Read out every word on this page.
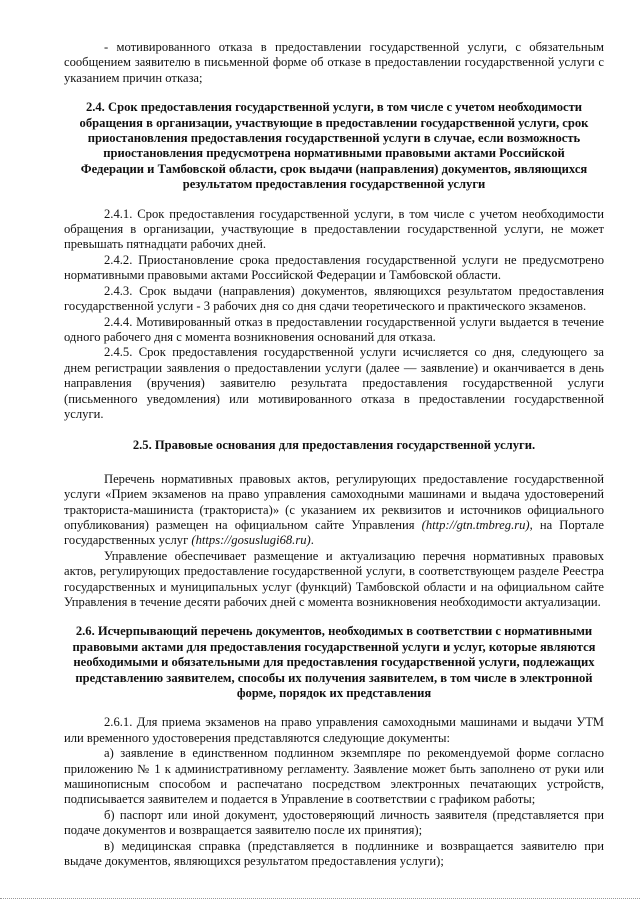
- мотивированного отказа в предоставлении государственной услуги, с обязательным сообщением заявителю в письменной форме об отказе в предоставлении государственной услуги с указанием причин отказа;

2.4. Срок предоставления государственной услуги, в том числе с учетом необходимости обращения в организации, участвующие в предоставлении государственной услуги, срок приостановления предоставления государственной услуги в случае, если возможность приостановления предусмотрена нормативными правовыми актами Российской Федерации и Тамбовской области, срок выдачи (направления) документов, являющихся результатом предоставления государственной услуги

2.4.1. Срок предоставления государственной услуги, в том числе с учетом необходимости обращения в организации, участвующие в предоставлении государственной услуги, не может превышать пятнадцати рабочих дней.

2.4.2. Приостановление срока предоставления государственной услуги не предусмотрено нормативными правовыми актами Российской Федерации и Тамбовской области.

2.4.3. Срок выдачи (направления) документов, являющихся результатом предоставления государственной услуги - 3 рабочих дня со дня сдачи теоретического и практического экзаменов.

2.4.4. Мотивированный отказ в предоставлении государственной услуги выдается в течение одного рабочего дня с момента возникновения оснований для отказа.

2.4.5. Срок предоставления государственной услуги исчисляется со дня, следующего за днем регистрации заявления о предоставлении услуги (далее — заявление) и оканчивается в день направления (вручения) заявителю результата предоставления государственной услуги (письменного уведомления) или мотивированного отказа в предоставлении государственной услуги.

2.5. Правовые основания для предоставления государственной услуги.

Перечень нормативных правовых актов, регулирующих предоставление государственной услуги «Прием экзаменов на право управления самоходными машинами и выдача удостоверений тракториста-машиниста (тракториста)» (с указанием их реквизитов и источников официального опубликования) размещен на официальном сайте Управления (http://gtn.tmbreg.ru), на Портале государственных услуг (https://gosuslugi68.ru).

Управление обеспечивает размещение и актуализацию перечня нормативных правовых актов, регулирующих предоставление государственной услуги, в соответствующем разделе Реестра государственных и муниципальных услуг (функций) Тамбовской области и на официальном сайте Управления в течение десяти рабочих дней с момента возникновения необходимости актуализации.

2.6. Исчерпывающий перечень документов, необходимых в соответствии с нормативными правовыми актами для предоставления государственной услуги и услуг, которые являются необходимыми и обязательными для предоставления государственной услуги, подлежащих представлению заявителем, способы их получения заявителем, в том числе в электронной форме, порядок их представления

2.6.1. Для приема экзаменов на право управления самоходными машинами и выдачи УТМ или временного удостоверения представляются следующие документы:

а) заявление в единственном подлинном экземпляре по рекомендуемой форме согласно приложению № 1 к административному регламенту. Заявление может быть заполнено от руки или машинописным способом и распечатано посредством электронных печатающих устройств, подписывается заявителем и подается в Управление в соответствии с графиком работы;

б) паспорт или иной документ, удостоверяющий личность заявителя (представляется при подаче документов и возвращается заявителю после их принятия);

в) медицинская справка (представляется в подлиннике и возвращается заявителю при выдаче документов, являющихся результатом предоставления услуги);
